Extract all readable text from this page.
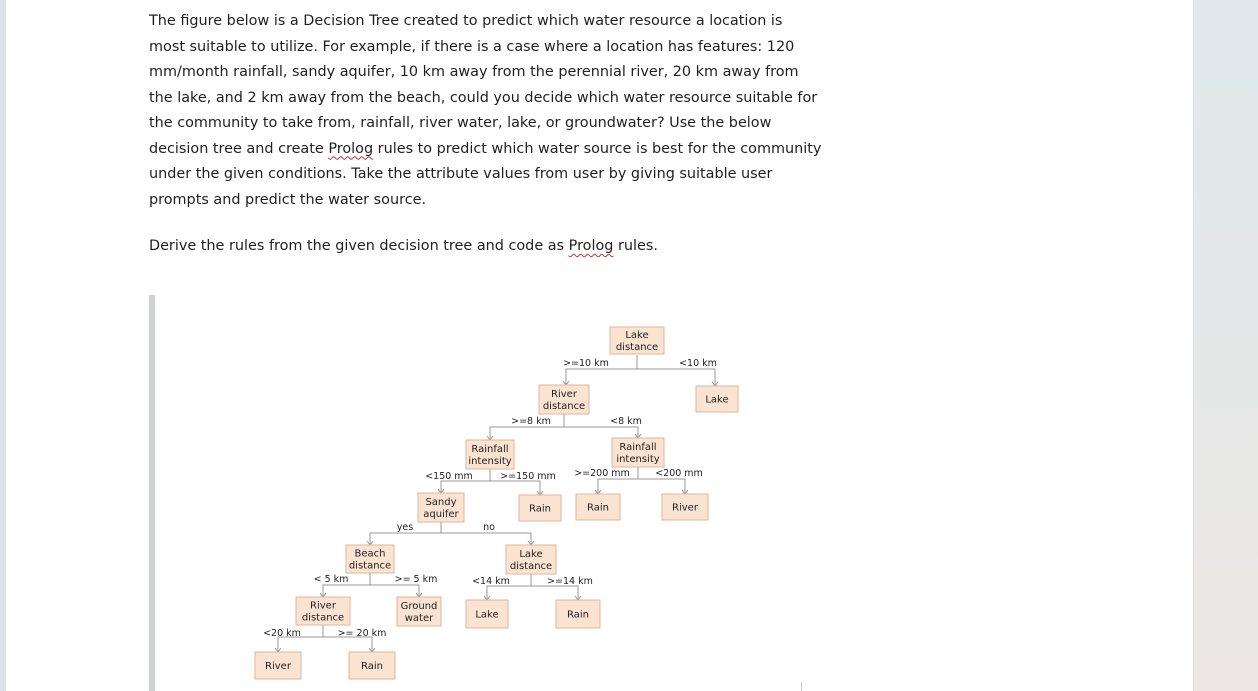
The figure below is a Decision Tree created to predict which water resource a location is

most suitable to utilize. For example, if there is a case where a location has features: 120

mm/month rainfall, sandy aquifer, 10 km away from the perennial river, 20 km away from

the lake, and 2 km away from the beach, could you decide which water resource suitable for

the community to take from, rainfall, river water, lake, or groundwater? Use the below

decision tree and create Prolog rules to predict which water source is best for the community

under the given conditions. Take the attribute values from user by giving suitable user

prompts and predict the water source.

Derive the rules from the given decision tree and code as Prolog rules.

>=10 km	<10 km
>=8 km	<8 km
<150 mm	>=150 mm >=200 mm	<200 mm
yes	no
< 5 km	>= 5 km	<14 km	>=14 km
<20 km	>= 20 km
Lake
distance
Lake
River
distance
Rainfall
intensity
Rainfall
intensity
Sandy
aquifer	Rain	Rain	River
Beach
distance
Lake
distance
River
distance
Ground
water	Lake	Rain
River	Rain
